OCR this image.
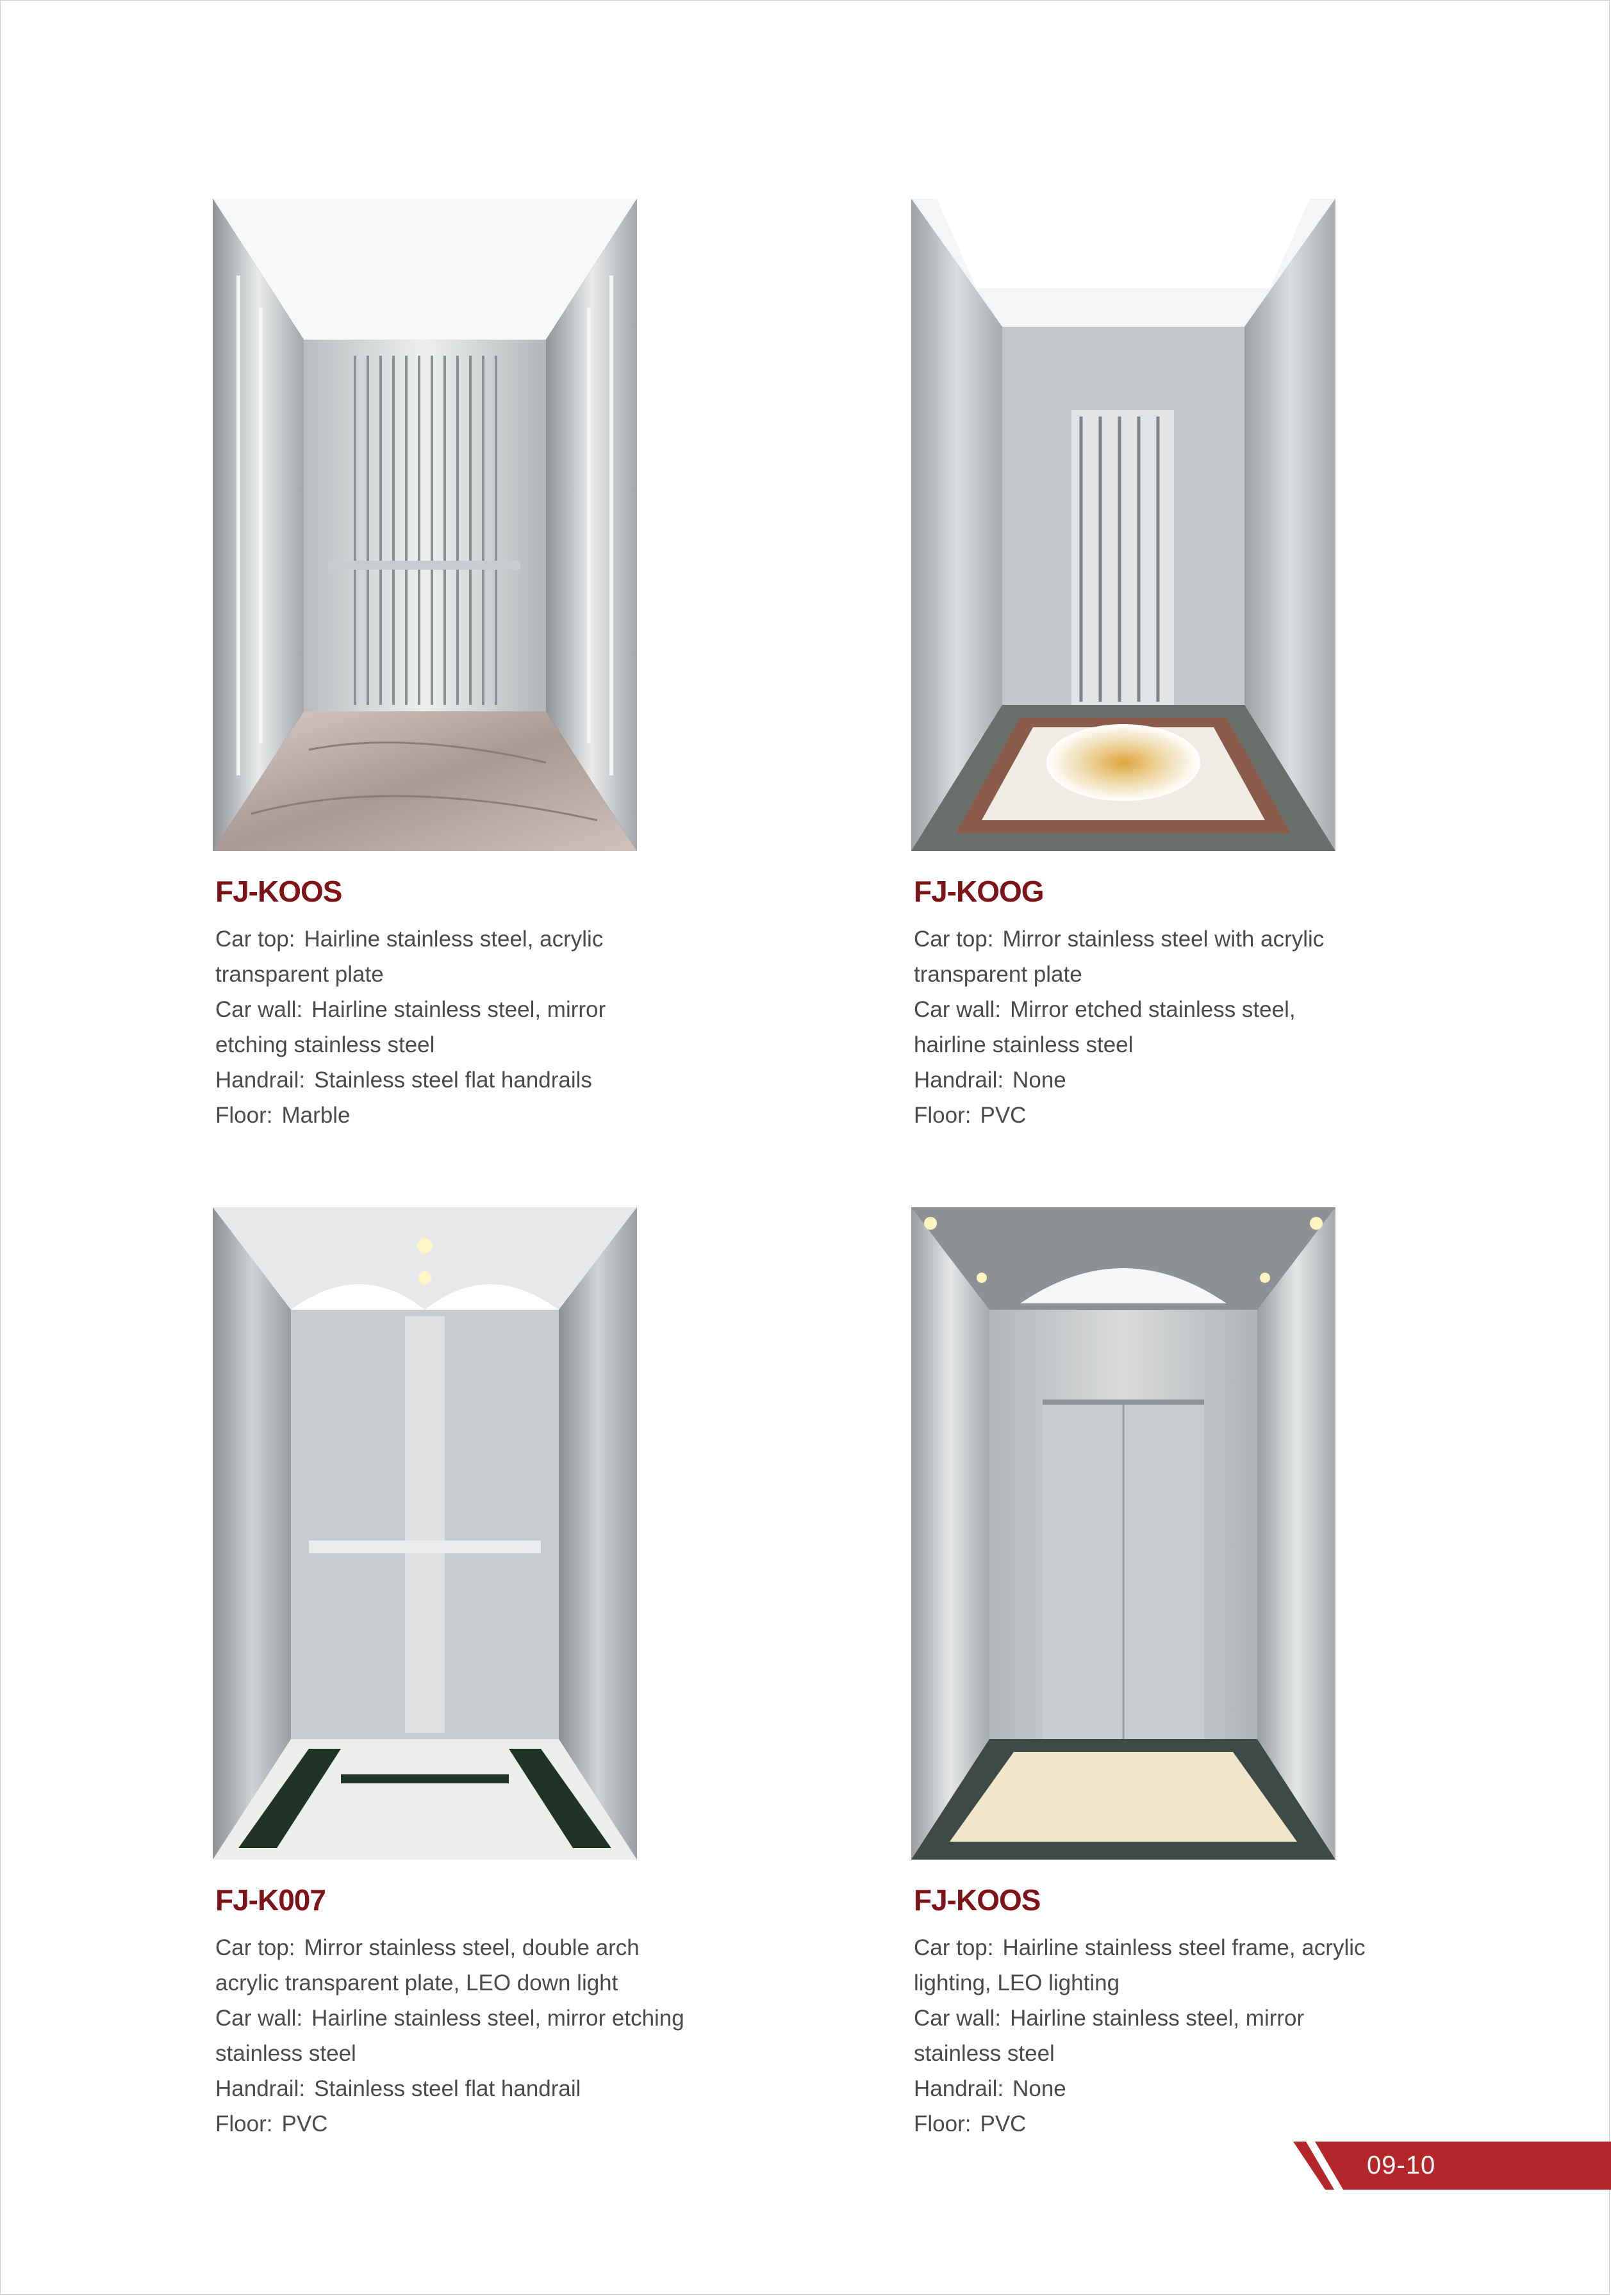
FJ-KOOS
Car top: Hairline stainless steel, acrylic transparent plate
Car wall: Hairline stainless steel, mirror etching stainless steel
Handrail: Stainless steel flat handrails
Floor: Marble
FJ-KOOG
Car top: Mirror stainless steel with acrylic transparent plate
Car wall: Mirror etched stainless steel, hairline stainless steel
Handrail: None
Floor: PVC
FJ-K007
Car top: Mirror stainless steel, double arch acrylic transparent plate, LEO down light
Car wall: Hairline stainless steel, mirror etching stainless steel
Handrail: Stainless steel flat handrail
Floor: PVC
FJ-KOOS
Car top: Hairline stainless steel frame, acrylic lighting, LEO lighting
Car wall: Hairline stainless steel, mirror stainless steel
Handrail: None
Floor: PVC
09-10
